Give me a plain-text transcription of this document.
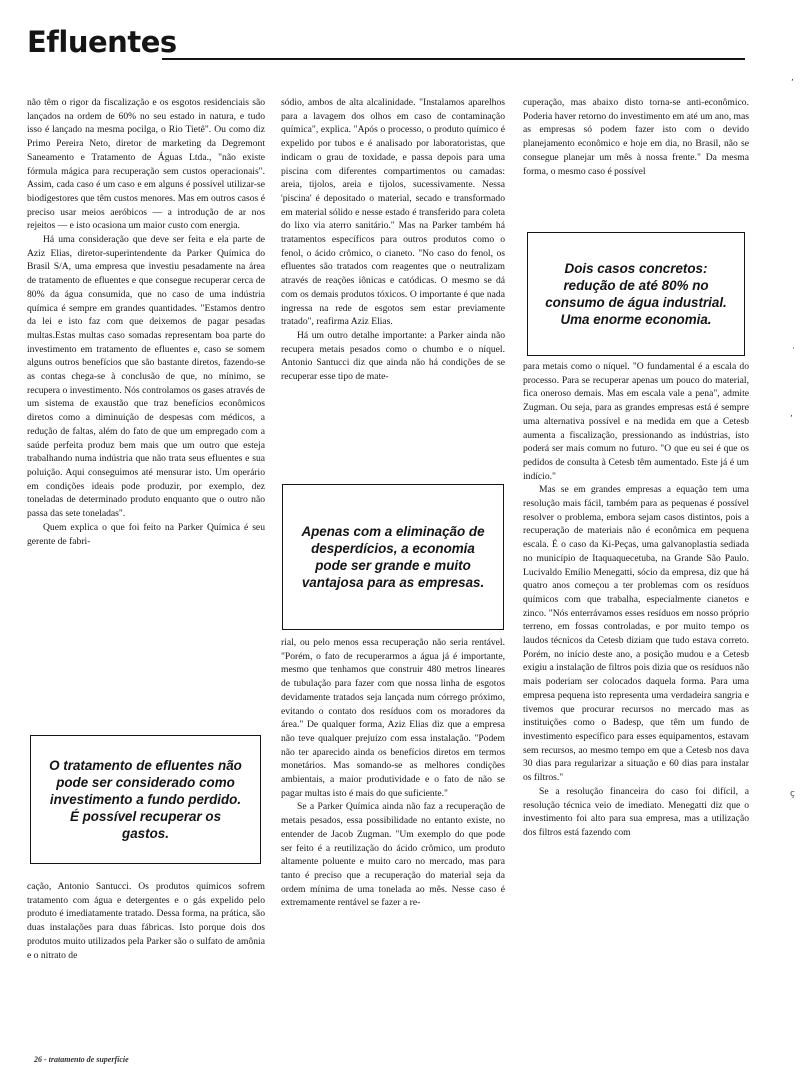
Efluentes

não têm o rigor da fiscalização e os esgotos residenciais são lançados na ordem de 60% no seu estado in natura, e tudo isso é lançado na mesma pocilga, o Rio Tietê". Ou como diz Primo Pereira Neto, diretor de marketing da Degremont Saneamento e Tratamento de Águas Ltda., "não existe fórmula mágica para recuperação sem custos operacionais". Assim, cada caso é um caso e em alguns é possível utilizar-se biodigestores que têm custos menores. Mas em outros casos é preciso usar meios aeróbicos — a introdução de ar nos rejeitos — e isto ocasiona um maior custo com energia.

Há uma consideração que deve ser feita e ela parte de Aziz Elias, diretor-superintendente da Parker Química do Brasil S/A, uma empresa que investiu pesadamente na área de tratamento de efluentes e que consegue recuperar cerca de 80% da água consumida, que no caso de uma indústria química é sempre em grandes quantidades. "Estamos dentro da lei e isto faz com que deixemos de pagar pesadas multas.Estas multas caso somadas representam boa parte do investimento em tratamento de efluentes e, caso se somem alguns outros benefícios que são bastante diretos, fazendo-se as contas chega-se à conclusão de que, no mínimo, se recupera o investimento. Nós controlamos os gases através de um sistema de exaustão que traz benefícios econômicos diretos como a diminuição de despesas com médicos, a redução de faltas, além do fato de que um empregado com a saúde perfeita produz bem mais que um outro que esteja trabalhando numa indústria que não trata seus efluentes e sua poluição. Aqui conseguimos até mensurar isto. Um operário em condições ideais pode produzir, por exemplo, dez toneladas de determinado produto enquanto que o outro não passa das sete toneladas".

Quem explica o que foi feito na Parker Química é seu gerente de fabri-

O tratamento de efluentes não pode ser considerado como investimento a fundo perdido. É possível recuperar os gastos.

cação, Antonio Santucci. Os produtos químicos sofrem tratamento com água e detergentes e o gás expelido pelo produto é imediatamente tratado. Dessa forma, na prática, são duas instalações para duas fábricas. Isto porque dois dos produtos muito utilizados pela Parker são o sulfato de amônia e o nitrato de

sódio, ambos de alta alcalinidade. "Instalamos aparelhos para a lavagem dos olhos em caso de contaminação química", explica. "Após o processo, o produto químico é expelido por tubos e é analisado por laboratoristas, que indicam o grau de toxidade, e passa depois para uma piscina com diferentes compartimentos ou camadas: areia, tijolos, areia e tijolos, sucessivamente. Nessa 'piscina' é depositado o material, secado e transformado em material sólido e nesse estado é transferido para coleta do lixo via aterro sanitário." Mas na Parker também há tratamentos específicos para outros produtos como o fenol, o ácido crômico, o cianeto. "No caso do fenol, os efluentes são tratados com reagentes que o neutralizam através de reações iônicas e catódicas. O mesmo se dá com os demais produtos tóxicos. O importante é que nada ingressa na rede de esgotos sem estar previamente tratado", reafirma Aziz Elias.

Há um outro detalhe importante: a Parker ainda não recupera metais pesados como o chumbo e o níquel. Antonio Santucci diz que ainda não há condições de se recuperar esse tipo de mate-

Apenas com a eliminação de desperdícios, a economia pode ser grande e muito vantajosa para as empresas.

rial, ou pelo menos essa recuperação não seria rentável. "Porém, o fato de recuperarmos a água já é importante, mesmo que tenhamos que construir 480 metros lineares de tubulação para fazer com que nossa linha de esgotos devidamente tratados seja lançada num córrego próximo, evitando o contato dos resíduos com os moradores da área." De qualquer forma, Aziz Elias diz que a empresa não teve qualquer prejuízo com essa instalação. "Podem não ter aparecido ainda os benefícios diretos em termos monetários. Mas somando-se as melhores condições ambientais, a maior produtividade e o fato de não se pagar multas isto é mais do que suficiente."

Se a Parker Química ainda não faz a recuperação de metais pesados, essa possibilidade no entanto existe, no entender de Jacob Zugman. "Um exemplo do que pode ser feito é a reutilização do ácido crômico, um produto altamente poluente e muito caro no mercado, mas para tanto é preciso que a recuperação do material seja da ordem mínima de uma tonelada ao mês. Nesse caso é extremamente rentável se fazer a re-

cuperação, mas abaixo disto torna-se anti-econômico. Poderia haver retorno do investimento em até um ano, mas as empresas só podem fazer isto com o devido planejamento econômico e hoje em dia, no Brasil, não se consegue planejar um mês à nossa frente." Da mesma forma, o mesmo caso é possível

Dois casos concretos: redução de até 80% no consumo de água industrial. Uma enorme economia.

para metais como o níquel. "O fundamental é a escala do processo. Para se recuperar apenas um pouco do material, fica oneroso demais. Mas em escala vale a pena", admite Zugman. Ou seja, para as grandes empresas está é sempre uma alternativa possível e na medida em que a Cetesb aumenta a fiscalização, pressionando as indústrias, isto poderá ser mais comum no futuro. "O que eu sei é que os pedidos de consulta à Cetesb têm aumentado. Este já é um indício."

Mas se em grandes empresas a equação tem uma resolução mais fácil, também para as pequenas é possível resolver o problema, embora sejam casos distintos, pois a recuperação de materiais não é econômica em pequena escala. É o caso da Ki-Peças, uma galvanoplastia sediada no município de Itaquaquecetuba, na Grande São Paulo. Lucivaldo Emílio Menegatti, sócio da empresa, diz que há quatro anos começou a ter problemas com os resíduos químicos com que trabalha, especialmente cianetos e zinco. "Nós enterrávamos esses resíduos em nosso próprio terreno, em fossas controladas, e por muito tempo os laudos técnicos da Cetesb diziam que tudo estava correto. Porém, no início deste ano, a posição mudou e a Cetesb exigiu a instalação de filtros pois dizia que os resíduos não mais poderiam ser colocados daquela forma. Para uma empresa pequena isto representa uma verdadeira sangria e tivemos que procurar recursos no mercado mas as instituições como o Badesp, que têm um fundo de investimento específico para esses equipamentos, estavam sem recursos, ao mesmo tempo em que a Cetesb nos dava 30 dias para regularizar a situação e 60 dias para instalar os filtros."

Se a resolução financeira do caso foi difícil, a resolução técnica veio de imediato. Menegatti diz que o investimento foi alto para sua empresa, mas a utilização dos filtros está fazendo com

26 - tratamento de superfície
,
·
,
ç
